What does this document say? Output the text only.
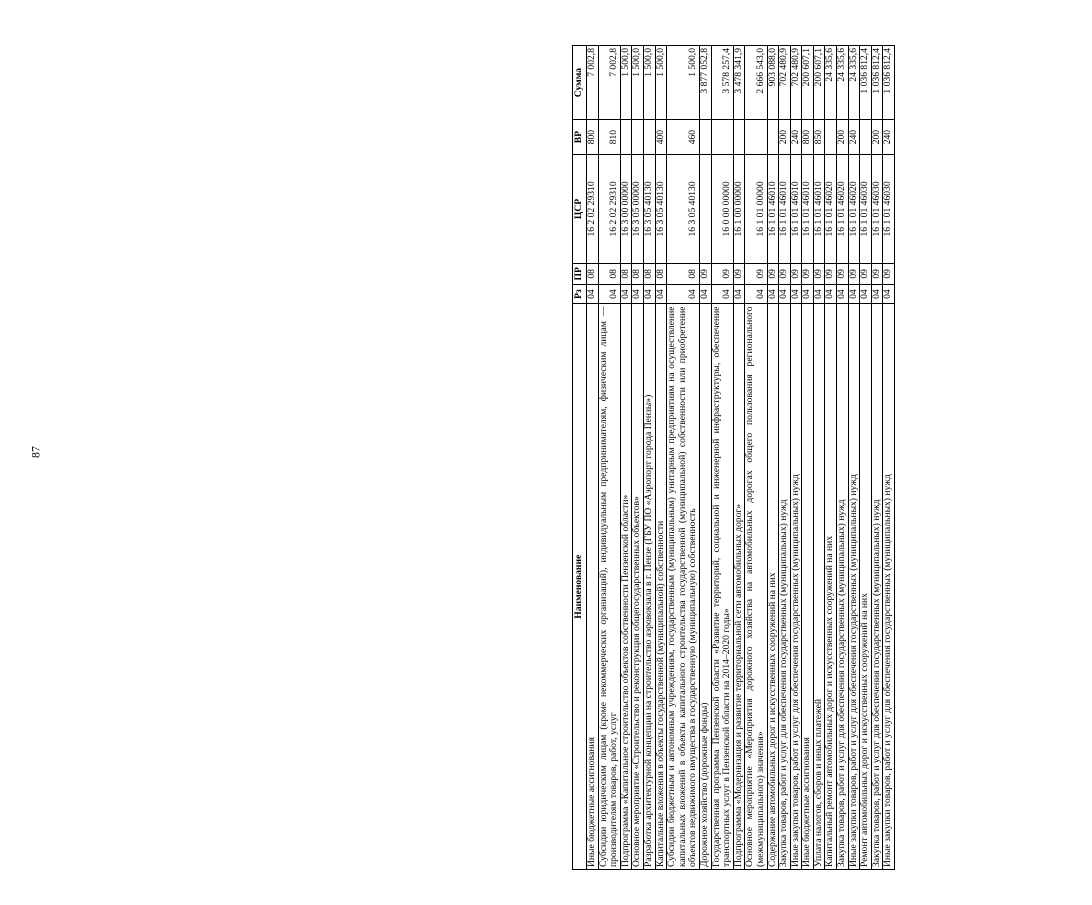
87
Наименование	Рз	ПР	ЦСР	ВР	Сумма
Иные бюджетные ассигнования	04	08	16 2 02 29310	800	7 002,8
Субсидии юридическим лицам (кроме некоммерческих организаций), индивидуальным предпринимателям, физическим лицам — производителям товаров, работ, услуг	04	08	16 2 02 29310	810	7 002,8
Подпрограмма «Капитальное строительство объектов собственности Пензенской области»	04	08	16 3 00 00000		1 500,0
Основное мероприятие «Строительство и реконструкция общегосударственных объектов»	04	08	16 3 05 00000		1 500,0
Разработка архитектурной концепции на строительство аэровокзала в г. Пензе (ГБУ ПО «Аэропорт города Пензы»)	04	08	16 3 05 40130		1 500,0
Капитальные вложения в объекты государственной (муниципальной) собственности	04	08	16 3 05 40130	400	1 500,0
Субсидии бюджетным и автономным учреждениям, государственным (муниципальным) унитарным предприятиям на осуществление капитальных вложений в объекты капитального строительства государственной (муниципальной) собственности или приобретение объектов недвижимого имущества в государственную (муниципальную) собственность	04	08	16 3 05 40130	460	1 500,0
Дорожное хозяйство (дорожные фонды)	04	09			3 877 052,8
Государственная программа Пензенской области «Развитие территорий, социальной и инженерной инфраструктуры, обеспечение транспортных услуг в Пензенской области на 2014–2020 годы»	04	09	16 0 00 00000		3 578 257,4
Подпрограмма «Модернизация и развитие территориальной сети автомобильных дорог»	04	09	16 1 00 00000		3 478 341,9
Основное мероприятие «Мероприятия дорожного хозяйства на автомобильных дорогах общего пользования регионального (межмуниципального) значения»	04	09	16 1 01 00000		2 666 543,0
Содержание автомобильных дорог и искусственных сооружений на них	04	09	16 1 01 46010		903 088,0
Закупка товаров, работ и услуг для обеспечения государственных (муниципальных) нужд	04	09	16 1 01 46010	200	702 480,9
Иные закупки товаров, работ и услуг для обеспечения государственных (муниципальных) нужд	04	09	16 1 01 46010	240	702 480,9
Иные бюджетные ассигнования	04	09	16 1 01 46010	800	200 607,1
Уплата налогов, сборов и иных платежей	04	09	16 1 01 46010	850	200 607,1
Капитальный ремонт автомобильных дорог и искусственных сооружений на них	04	09	16 1 01 46020		24 335,6
Закупка товаров, работ и услуг для обеспечения государственных (муниципальных) нужд	04	09	16 1 01 46020	200	24 335,6
Иные закупки товаров, работ и услуг для обеспечения государственных (муниципальных) нужд	04	09	16 1 01 46020	240	24 335,6
Ремонт автомобильных дорог и искусственных сооружений на них	04	09	16 1 01 46030		1 036 812,4
Закупка товаров, работ и услуг для обеспечения государственных (муниципальных) нужд	04	09	16 1 01 46030	200	1 036 812,4
Иные закупки товаров, работ и услуг для обеспечения государственных (муниципальных) нужд	04	09	16 1 01 46030	240	1 036 812,4
